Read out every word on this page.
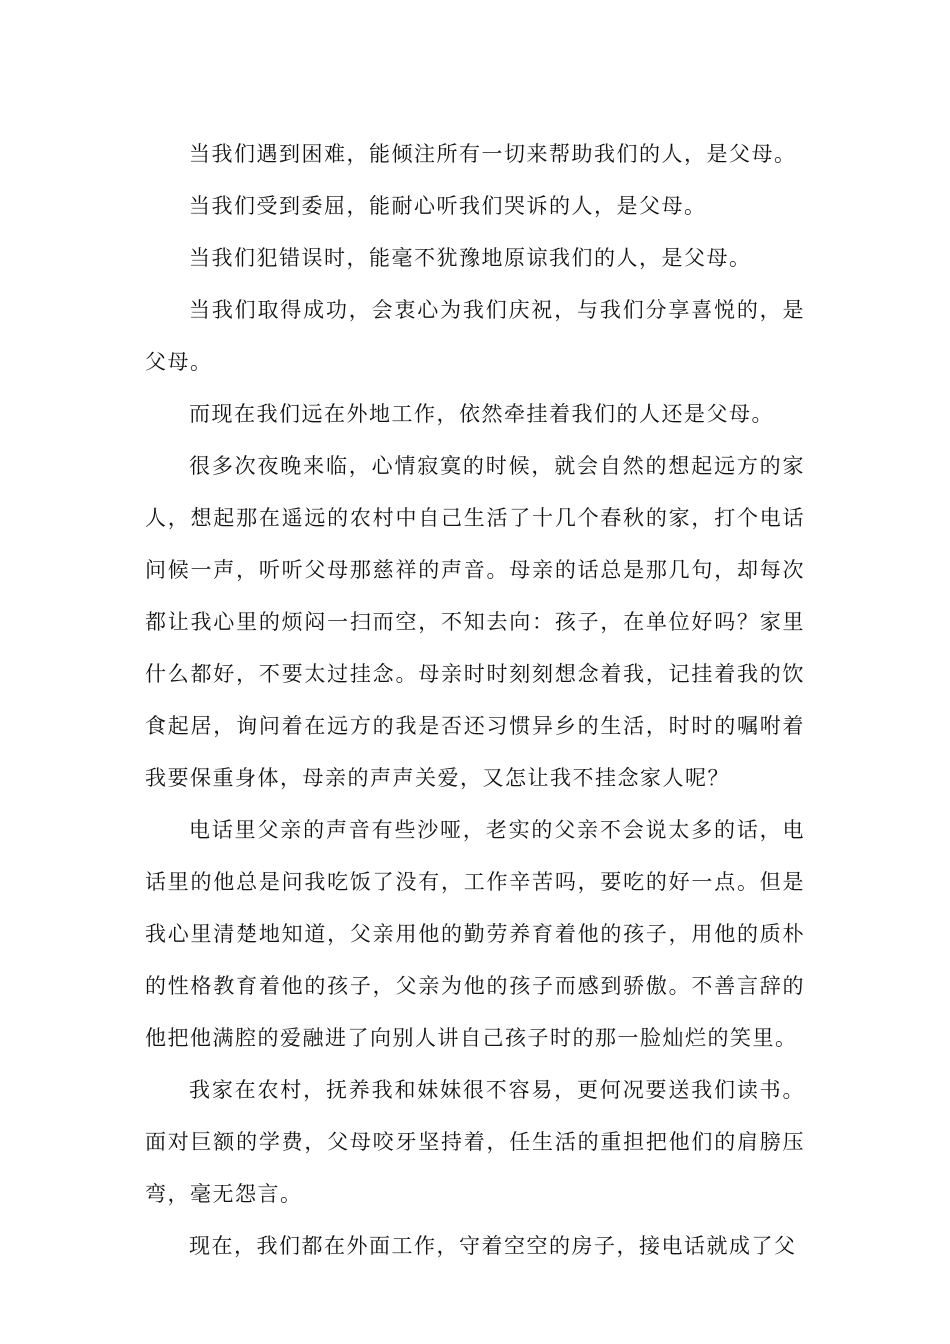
当我们遇到困难，能倾注所有一切来帮助我们的人，是父母。

当我们受到委屈，能耐心听我们哭诉的人，是父母。

当我们犯错误时，能毫不犹豫地原谅我们的人，是父母。

当我们取得成功，会衷心为我们庆祝，与我们分享喜悦的，是父母。

而现在我们远在外地工作，依然牵挂着我们的人还是父母。

很多次夜晚来临，心情寂寞的时候，就会自然的想起远方的家人，想起那在遥远的农村中自己生活了十几个春秋的家，打个电话问候一声，听听父母那慈祥的声音。母亲的话总是那几句，却每次都让我心里的烦闷一扫而空，不知去向：孩子，在单位好吗？家里什么都好，不要太过挂念。母亲时时刻刻想念着我，记挂着我的饮食起居，询问着在远方的我是否还习惯异乡的生活，时时的嘱咐着我要保重身体，母亲的声声关爱，又怎让我不挂念家人呢？

电话里父亲的声音有些沙哑，老实的父亲不会说太多的话，电话里的他总是问我吃饭了没有，工作辛苦吗，要吃的好一点。但是我心里清楚地知道，父亲用他的勤劳养育着他的孩子，用他的质朴的性格教育着他的孩子，父亲为他的孩子而感到骄傲。不善言辞的他把他满腔的爱融进了向别人讲自己孩子时的那一脸灿烂的笑里。

我家在农村，抚养我和妹妹很不容易，更何况要送我们读书。面对巨额的学费，父母咬牙坚持着，任生活的重担把他们的肩膀压弯，毫无怨言。

现在，我们都在外面工作，守着空空的房子，接电话就成了父
